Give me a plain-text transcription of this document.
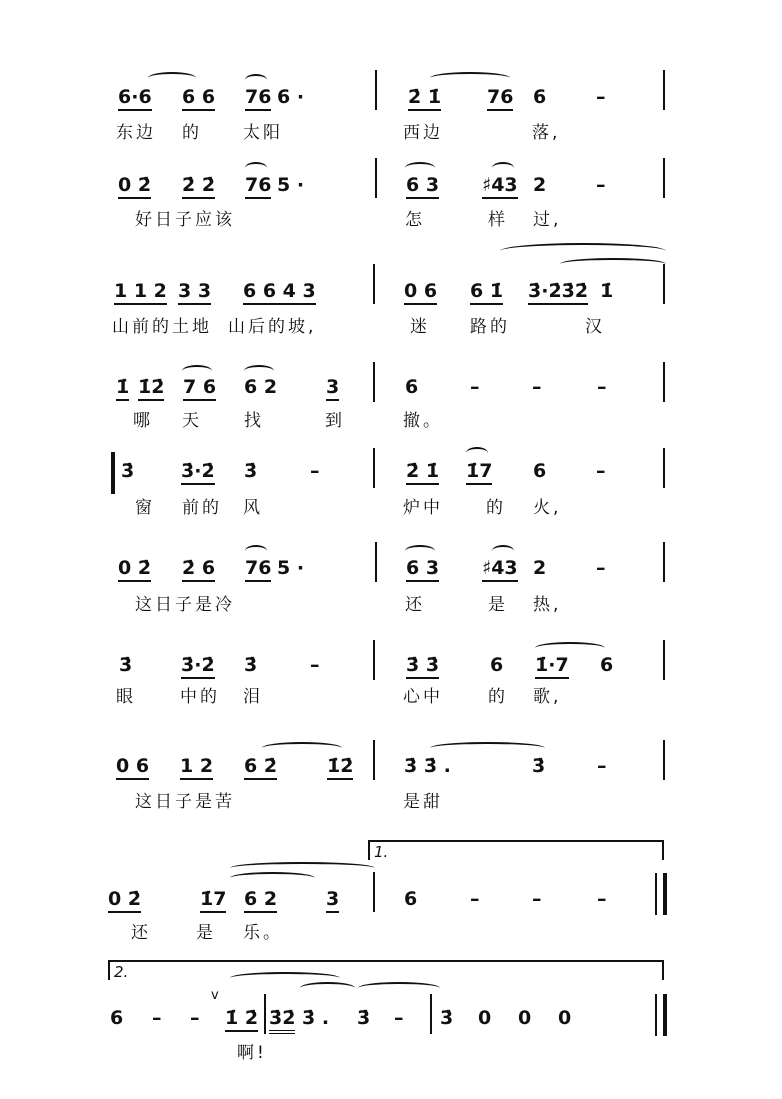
6·6 6 6 76 6 ·	2̇ 1̇ 76 6	–
东边 的 太阳	西边	落,
0 2̇ 2̇ 2̇ 76 5 ·	6 3 ♯43 2	–
好日子应该	怎	样 过,
1 1 2 3 3 6 6 4 3	0 6 6 1̇ 3̇·2̇3̇2̇ 1̇
山前的土地 山后的坡,	迷 路的	汉
1̇ 1̇2̇ 7 6 6 2	3	6	–	–	–
哪 天 找	到	撤。
3̇ 3̇·2̇ 3̇	–	2̇ 1̇ 1̇7 6	–
窗 前的 风	炉中	的 火,
0 2̇ 2̇ 6 76 5 ·	6 3 ♯43 2	–
这日子是冷	还	是 热,
3̇	3̇·2̇ 3̇	–	3̇ 3̇	6 1̇·7 6
眼	中的 泪	心中	的 歌,
0 6 1 2 6 2̇	1̇2̇	3̇ 3̇ .	3̇	–
这日子是苦	是甜
1.
0 2̇	1̇7 6 2	3	6	–	–	–
还	是 乐。
2.
6 – –
v
1̇ 2̇ 3̇2̇ 3̇ . 3̇ – 3̇ 0 0 0
啊!
